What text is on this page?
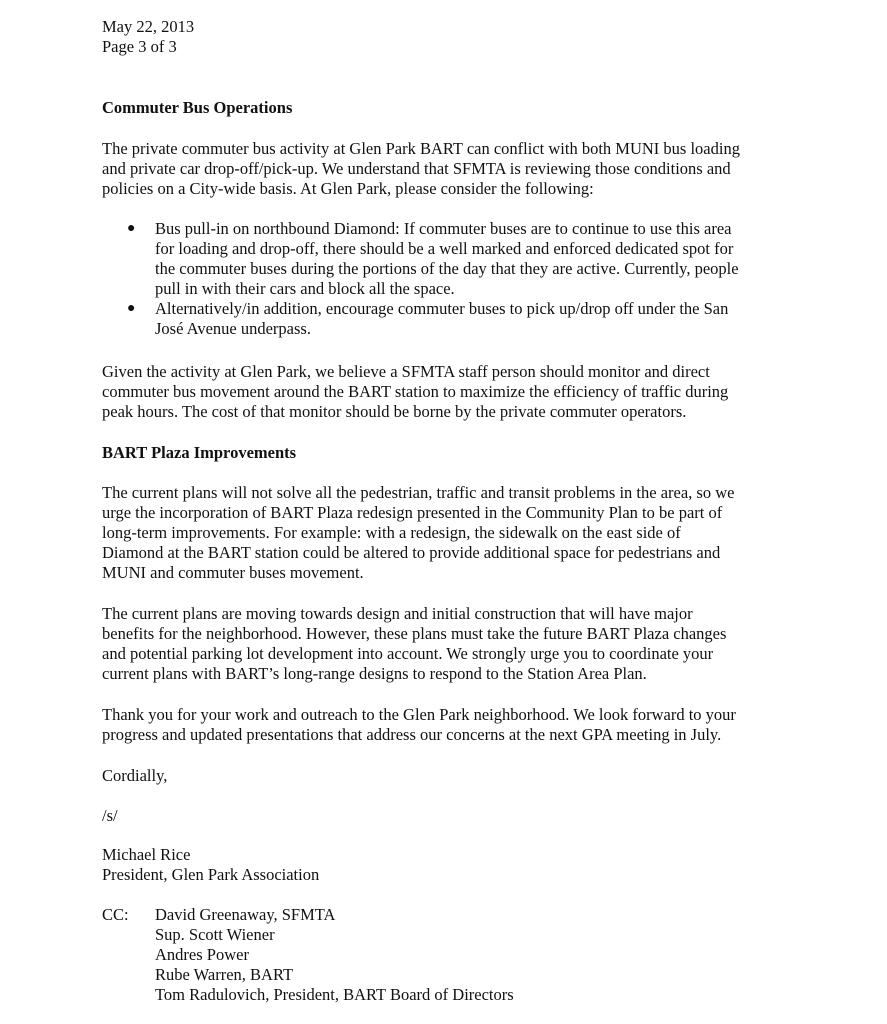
May 22, 2013
Page 3 of 3
Commuter Bus Operations
The private commuter bus activity at Glen Park BART can conflict with both MUNI bus loading
and private car drop-off/pick-up. We understand that SFMTA is reviewing those conditions and
policies on a City-wide basis. At Glen Park, please consider the following:
● Bus pull-in on northbound Diamond: If commuter buses are to continue to use this area
for loading and drop-off, there should be a well marked and enforced dedicated spot for
the commuter buses during the portions of the day that they are active. Currently, people
pull in with their cars and block all the space.
● Alternatively/in addition, encourage commuter buses to pick up/drop off under the San
José Avenue underpass.
Given the activity at Glen Park, we believe a SFMTA staff person should monitor and direct
commuter bus movement around the BART station to maximize the efficiency of traffic during
peak hours. The cost of that monitor should be borne by the private commuter operators.
BART Plaza Improvements
The current plans will not solve all the pedestrian, traffic and transit problems in the area, so we
urge the incorporation of BART Plaza redesign presented in the Community Plan to be part of
long-term improvements. For example: with a redesign, the sidewalk on the east side of
Diamond at the BART station could be altered to provide additional space for pedestrians and
MUNI and commuter buses movement.
The current plans are moving towards design and initial construction that will have major
benefits for the neighborhood. However, these plans must take the future BART Plaza changes
and potential parking lot development into account. We strongly urge you to coordinate your
current plans with BART’s long-range designs to respond to the Station Area Plan.
Thank you for your work and outreach to the Glen Park neighborhood. We look forward to your
progress and updated presentations that address our concerns at the next GPA meeting in July.
Cordially,
/s/
Michael Rice
President, Glen Park Association
CC: David Greenaway, SFMTA
Sup. Scott Wiener
Andres Power
Rube Warren, BART
Tom Radulovich, President, BART Board of Directors
